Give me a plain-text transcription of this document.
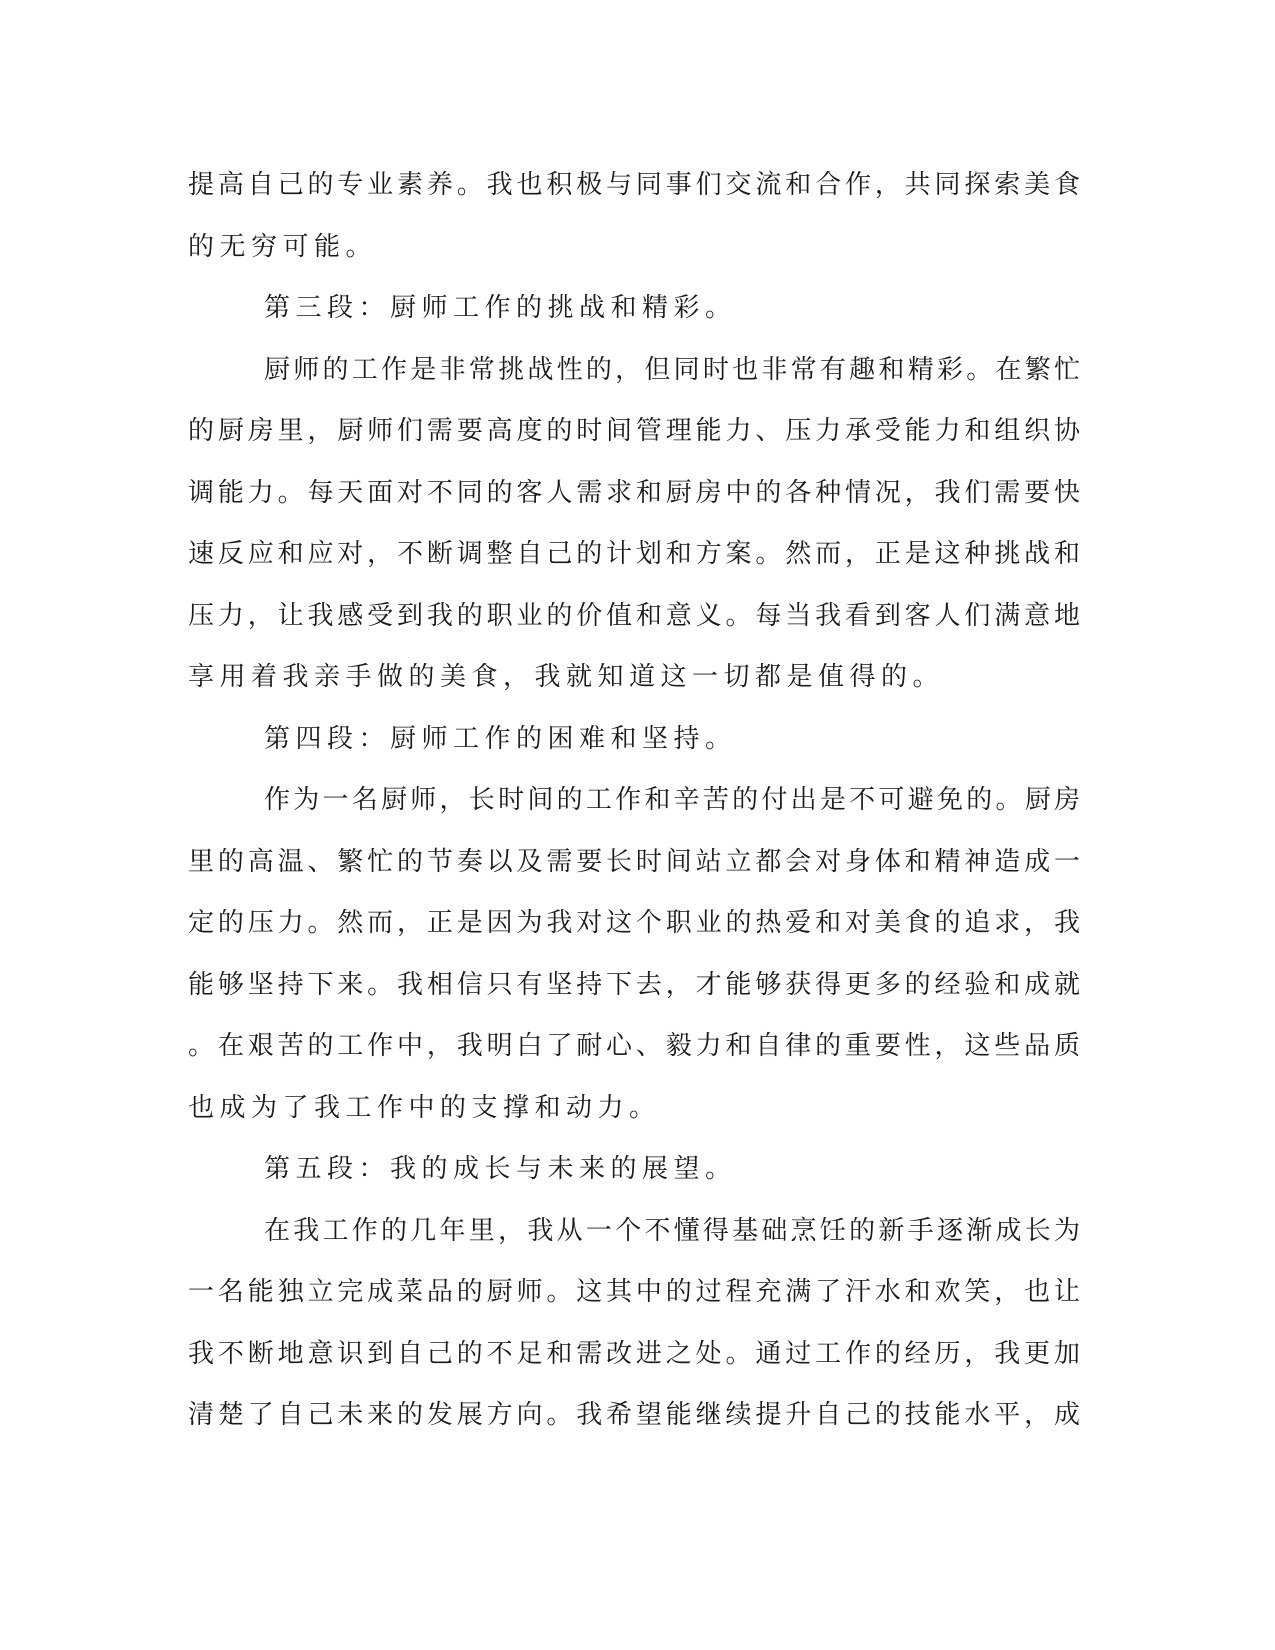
提高自己的专业素养。我也积极与同事们交流和合作，共同探索美食
的无穷可能。
第三段：厨师工作的挑战和精彩。
厨师的工作是非常挑战性的，但同时也非常有趣和精彩。在繁忙
的厨房里，厨师们需要高度的时间管理能力、压力承受能力和组织协
调能力。每天面对不同的客人需求和厨房中的各种情况，我们需要快
速反应和应对，不断调整自己的计划和方案。然而，正是这种挑战和
压力，让我感受到我的职业的价值和意义。每当我看到客人们满意地
享用着我亲手做的美食，我就知道这一切都是值得的。
第四段：厨师工作的困难和坚持。
作为一名厨师，长时间的工作和辛苦的付出是不可避免的。厨房
里的高温、繁忙的节奏以及需要长时间站立都会对身体和精神造成一
定的压力。然而，正是因为我对这个职业的热爱和对美食的追求，我
能够坚持下来。我相信只有坚持下去，才能够获得更多的经验和成就
。在艰苦的工作中，我明白了耐心、毅力和自律的重要性，这些品质
也成为了我工作中的支撑和动力。
第五段：我的成长与未来的展望。
在我工作的几年里，我从一个不懂得基础烹饪的新手逐渐成长为
一名能独立完成菜品的厨师。这其中的过程充满了汗水和欢笑，也让
我不断地意识到自己的不足和需改进之处。通过工作的经历，我更加
清楚了自己未来的发展方向。我希望能继续提升自己的技能水平，成
